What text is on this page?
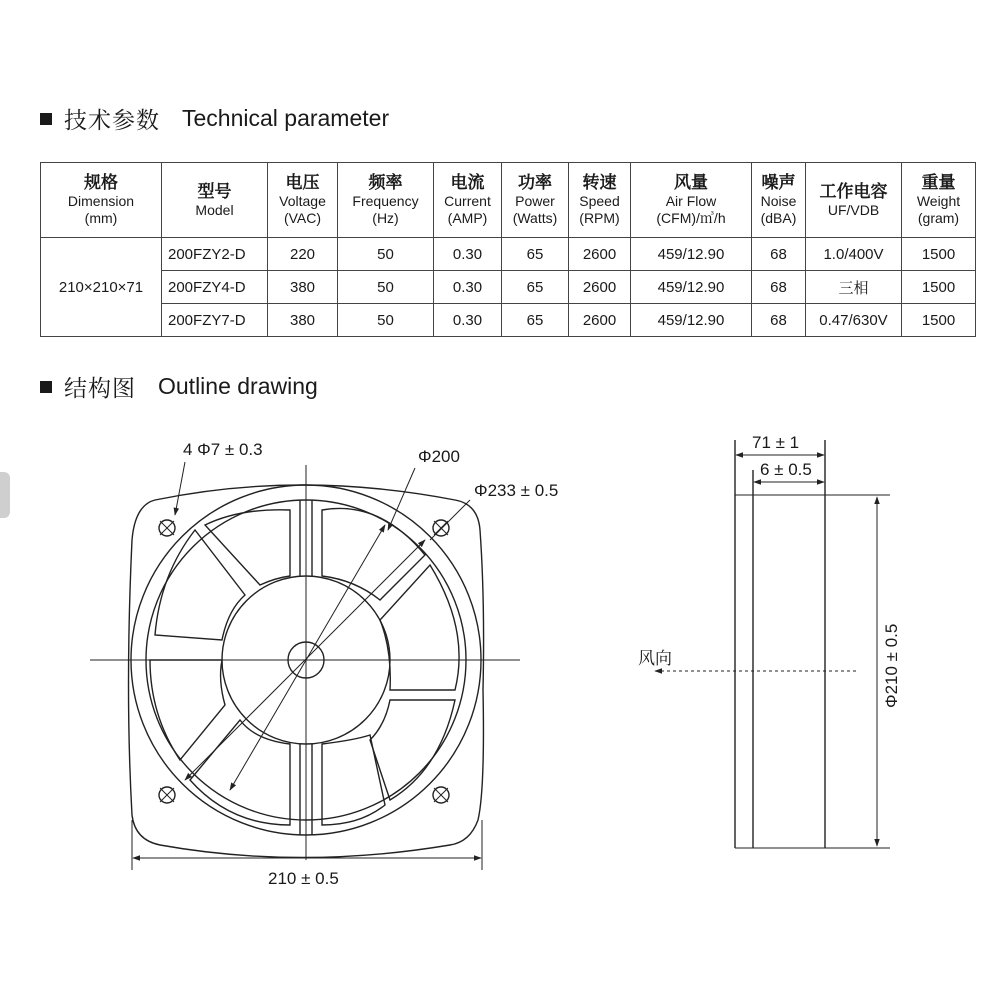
技术参数 Technical parameter
规格
Dimension
(mm)	型号
Model	电压
Voltage
(VAC)	频率
Frequency
(Hz)	电流
Current
(AMP)	功率
Power
(Watts)	转速
Speed
(RPM)	风量
Air Flow
(CFM)/㎥/h	噪声
Noise
(dBA)	工作电容
UF/VDB	重量
Weight
(gram)
210×210×71	200FZY2-D	220	50	0.30	65	2600	459/12.90	68	1.0/400V	1500
	200FZY4-D	380	50	0.30	65	2600	459/12.90	68	三相	1500
	200FZY7-D	380	50	0.30	65	2600	459/12.90	68	0.47/630V	1500
结构图 Outline drawing
4 Φ7 ± 0.3	Φ200
Φ233 ± 0.5
210 ± 0.5
71 ± 1
6 ± 0.5
风向	Φ210 ± 0.5
